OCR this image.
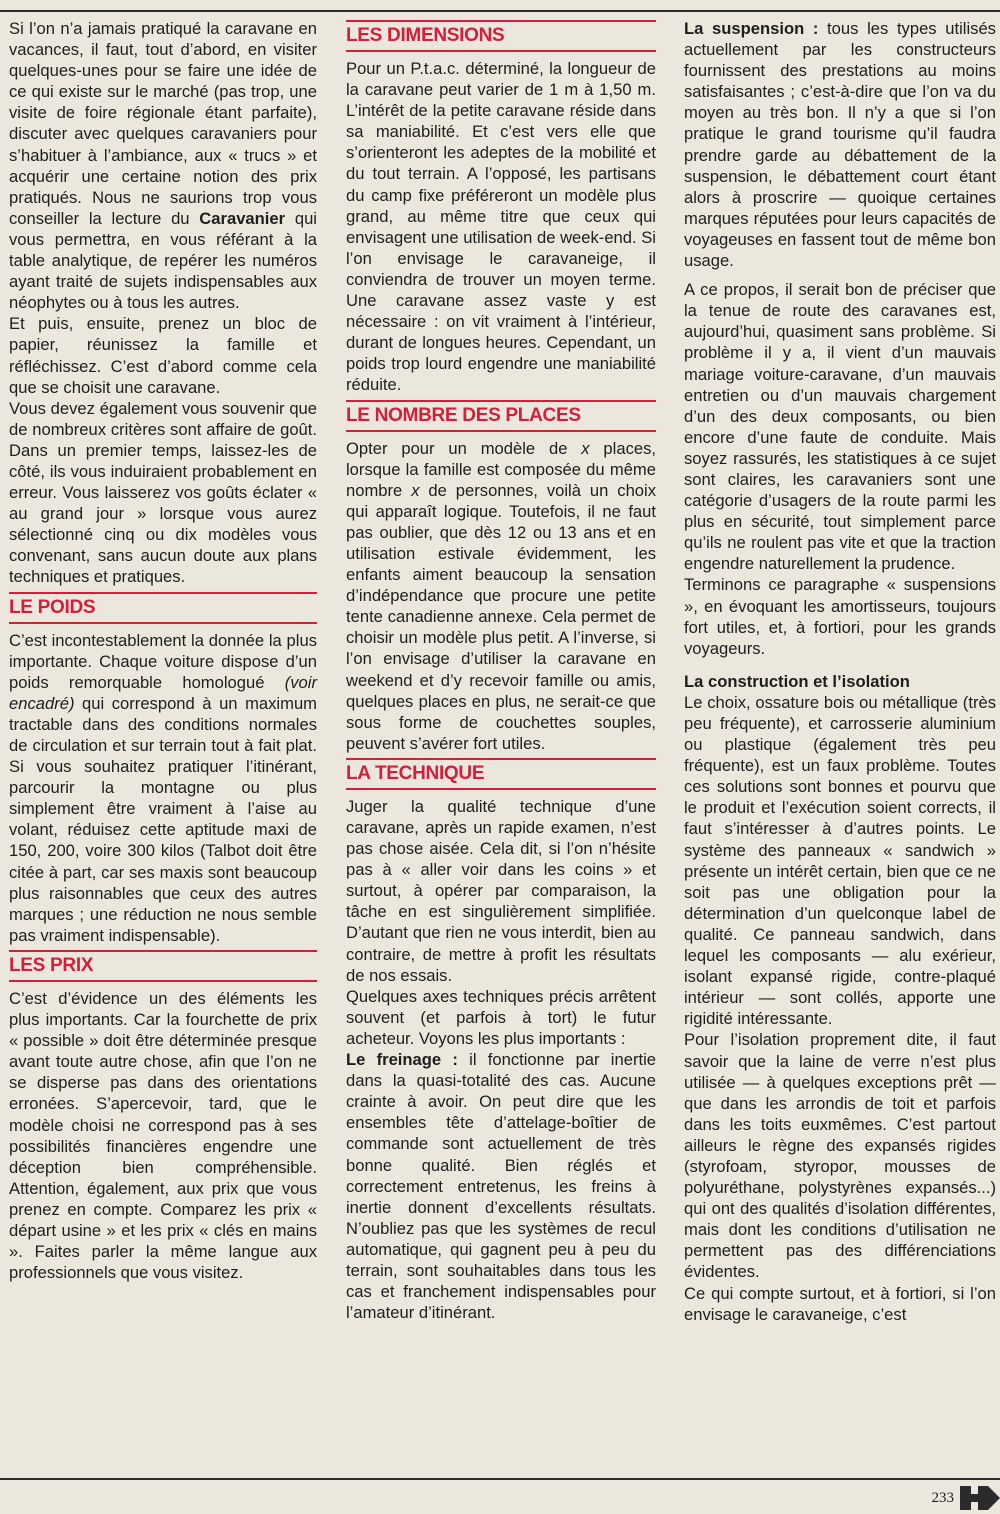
Si l’on n’a jamais pratiqué la caravane en vacances, il faut, tout d’abord, en visiter quelques-unes pour se faire une idée de ce qui existe sur le marché (pas trop, une visite de foire régionale étant parfaite), discuter avec quelques caravaniers pour s’habituer à l’ambiance, aux « trucs » et acquérir une certaine notion des prix pratiqués. Nous ne saurions trop vous conseiller la lecture du Caravanier qui vous permettra, en vous référant à la table analytique, de repérer les numéros ayant traité de sujets indispensables aux néophytes ou à tous les autres.

Et puis, ensuite, prenez un bloc de papier, réunissez la famille et réfléchissez. C’est d’abord comme cela que se choisit une caravane.

Vous devez également vous souvenir que de nombreux critères sont affaire de goût. Dans un premier temps, laissez-les de côté, ils vous induiraient probablement en erreur. Vous laisserez vos goûts éclater « au grand jour » lorsque vous aurez sélectionné cinq ou dix modèles vous convenant, sans aucun doute aux plans techniques et pratiques.

LE POIDS

C’est incontestablement la donnée la plus importante. Chaque voiture dispose d’un poids remorquable homologué (voir encadré) qui correspond à un maximum tractable dans des conditions normales de circulation et sur terrain tout à fait plat. Si vous souhaitez pratiquer l’itinérant, parcourir la montagne ou plus simplement être vraiment à l’aise au volant, réduisez cette aptitude maxi de 150, 200, voire 300 kilos (Talbot doit être citée à part, car ses maxis sont beaucoup plus raisonnables que ceux des autres marques ; une réduction ne nous semble pas vraiment indispensable).

LES PRIX

C’est d’évidence un des éléments les plus importants. Car la fourchette de prix « possible » doit être déterminée presque avant toute autre chose, afin que l’on ne se disperse pas dans des orientations erronées. S’apercevoir, tard, que le modèle choisi ne correspond pas à ses possibilités financières engendre une déception bien compréhensible. Attention, également, aux prix que vous prenez en compte. Comparez les prix « départ usine » et les prix « clés en mains ». Faites parler la même langue aux professionnels que vous visitez.

LES DIMENSIONS

Pour un P.t.a.c. déterminé, la longueur de la caravane peut varier de 1 m à 1,50 m. L’intérêt de la petite caravane réside dans sa maniabilité. Et c’est vers elle que s’orienteront les adeptes de la mobilité et du tout terrain. A l’opposé, les partisans du camp fixe préféreront un modèle plus grand, au même titre que ceux qui envisagent une utilisation de week-end. Si l’on envisage le caravaneige, il conviendra de trouver un moyen terme. Une caravane assez vaste y est nécessaire : on vit vraiment à l’intérieur, durant de longues heures. Cependant, un poids trop lourd engendre une maniabilité réduite.

LE NOMBRE DES PLACES

Opter pour un modèle de x places, lorsque la famille est composée du même nombre x de personnes, voilà un choix qui apparaît logique. Toutefois, il ne faut pas oublier, que dès 12 ou 13 ans et en utilisation estivale évidemment, les enfants aiment beaucoup la sensation d’indépendance que procure une petite tente canadienne annexe. Cela permet de choisir un modèle plus petit. A l’inverse, si l’on envisage d’utiliser la caravane en weekend et d’y recevoir famille ou amis, quelques places en plus, ne serait-ce que sous forme de couchettes souples, peuvent s’avérer fort utiles.

LA TECHNIQUE

Juger la qualité technique d’une caravane, après un rapide examen, n’est pas chose aisée. Cela dit, si l’on n’hésite pas à « aller voir dans les coins » et surtout, à opérer par comparaison, la tâche en est singulièrement simplifiée. D’autant que rien ne vous interdit, bien au contraire, de mettre à profit les résultats de nos essais.

Quelques axes techniques précis arrêtent souvent (et parfois à tort) le futur acheteur. Voyons les plus importants :

Le freinage : il fonctionne par inertie dans la quasi-totalité des cas. Aucune crainte à avoir. On peut dire que les ensembles tête d’attelage-boîtier de commande sont actuellement de très bonne qualité. Bien réglés et correctement entretenus, les freins à inertie donnent d’excellents résultats. N’oubliez pas que les systèmes de recul automatique, qui gagnent peu à peu du terrain, sont souhaitables dans tous les cas et franchement indispensables pour l’amateur d’itinérant.

La suspension : tous les types utilisés actuellement par les constructeurs fournissent des prestations au moins satisfaisantes ; c’est-à-dire que l’on va du moyen au très bon. Il n’y a que si l’on pratique le grand tourisme qu’il faudra prendre garde au débattement de la suspension, le débattement court étant alors à proscrire — quoique certaines marques réputées pour leurs capacités de voyageuses en fassent tout de même bon usage.

A ce propos, il serait bon de préciser que la tenue de route des caravanes est, aujourd’hui, quasiment sans problème. Si problème il y a, il vient d’un mauvais mariage voiture-caravane, d’un mauvais entretien ou d’un mauvais chargement d’un des deux composants, ou bien encore d’une faute de conduite. Mais soyez rassurés, les statistiques à ce sujet sont claires, les caravaniers sont une catégorie d’usagers de la route parmi les plus en sécurité, tout simplement parce qu’ils ne roulent pas vite et que la traction engendre naturellement la prudence.

Terminons ce paragraphe « suspensions », en évoquant les amortisseurs, toujours fort utiles, et, à fortiori, pour les grands voyageurs.

La construction et l’isolation

Le choix, ossature bois ou métallique (très peu fréquente), et carrosserie aluminium ou plastique (également très peu fréquente), est un faux problème. Toutes ces solutions sont bonnes et pourvu que le produit et l’exécution soient corrects, il faut s’intéresser à d’autres points. Le système des panneaux « sandwich » présente un intérêt certain, bien que ce ne soit pas une obligation pour la détermination d’un quelconque label de qualité. Ce panneau sandwich, dans lequel les composants — alu exérieur, isolant expansé rigide, contre-plaqué intérieur — sont collés, apporte une rigidité intéressante.

Pour l’isolation proprement dite, il faut savoir que la laine de verre n’est plus utilisée — à quelques exceptions prêt — que dans les arrondis de toit et parfois dans les toits euxmêmes. C’est partout ailleurs le règne des expansés rigides (styrofoam, styropor, mousses de polyuréthane, polystyrènes expansés...) qui ont des qualités d’isolation différentes, mais dont les conditions d’utilisation ne permettent pas des différenciations évidentes.

Ce qui compte surtout, et à fortiori, si l’on envisage le caravaneige, c’est

233
